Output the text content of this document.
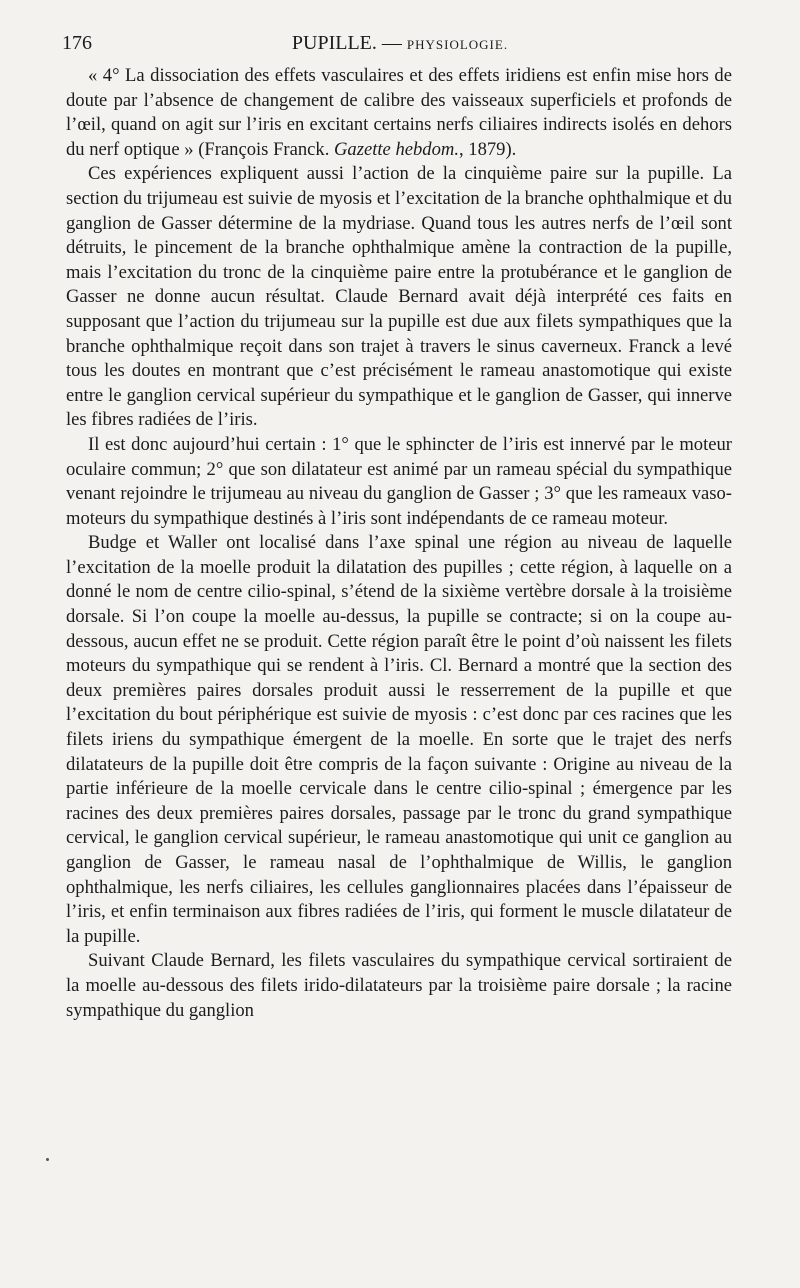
176	PUPILLE. — PHYSIOLOGIE.

« 4° La dissociation des effets vasculaires et des effets iridiens est enfin mise hors de doute par l’absence de changement de calibre des vaisseaux superficiels et profonds de l’œil, quand on agit sur l’iris en excitant certains nerfs ciliaires indirects isolés en dehors du nerf optique » (François Franck. Gazette hebdom., 1879).

Ces expériences expliquent aussi l’action de la cinquième paire sur la pupille. La section du trijumeau est suivie de myosis et l’excitation de la branche ophthalmique et du ganglion de Gasser détermine de la mydriase. Quand tous les autres nerfs de l’œil sont détruits, le pincement de la branche ophthalmique amène la contraction de la pupille, mais l’excitation du tronc de la cinquième paire entre la protubérance et le ganglion de Gasser ne donne aucun résultat. Claude Bernard avait déjà interprété ces faits en supposant que l’action du trijumeau sur la pupille est due aux filets sympathiques que la branche ophthalmique reçoit dans son trajet à travers le sinus caverneux. Franck a levé tous les doutes en montrant que c’est précisément le rameau anastomotique qui existe entre le ganglion cervical supérieur du sympathique et le ganglion de Gasser, qui innerve les fibres radiées de l’iris.

Il est donc aujourd’hui certain : 1° que le sphincter de l’iris est innervé par le moteur oculaire commun; 2° que son dilatateur est animé par un rameau spécial du sympathique venant rejoindre le trijumeau au niveau du ganglion de Gasser ; 3° que les rameaux vaso-moteurs du sympathique destinés à l’iris sont indépendants de ce rameau moteur.

Budge et Waller ont localisé dans l’axe spinal une région au niveau de laquelle l’excitation de la moelle produit la dilatation des pupilles ; cette région, à laquelle on a donné le nom de centre cilio-spinal, s’étend de la sixième vertèbre dorsale à la troisième dorsale. Si l’on coupe la moelle au-dessus, la pupille se contracte; si on la coupe au-dessous, aucun effet ne se produit. Cette région paraît être le point d’où naissent les filets moteurs du sympathique qui se rendent à l’iris. Cl. Bernard a montré que la section des deux premières paires dorsales produit aussi le resserrement de la pupille et que l’excitation du bout périphérique est suivie de myosis : c’est donc par ces racines que les filets iriens du sympathique émergent de la moelle. En sorte que le trajet des nerfs dilatateurs de la pupille doit être compris de la façon suivante : Origine au niveau de la partie inférieure de la moelle cervicale dans le centre cilio-spinal ; émergence par les racines des deux premières paires dorsales, passage par le tronc du grand sympathique cervical, le ganglion cervical supérieur, le rameau anastomotique qui unit ce ganglion au ganglion de Gasser, le rameau nasal de l’ophthalmique de Willis, le ganglion ophthalmique, les nerfs ciliaires, les cellules ganglionnaires placées dans l’épaisseur de l’iris, et enfin terminaison aux fibres radiées de l’iris, qui forment le muscle dilatateur de la pupille.

Suivant Claude Bernard, les filets vasculaires du sympathique cervical sortiraient de la moelle au-dessous des filets irido-dilatateurs par la troisième paire dorsale ; la racine sympathique du ganglion
